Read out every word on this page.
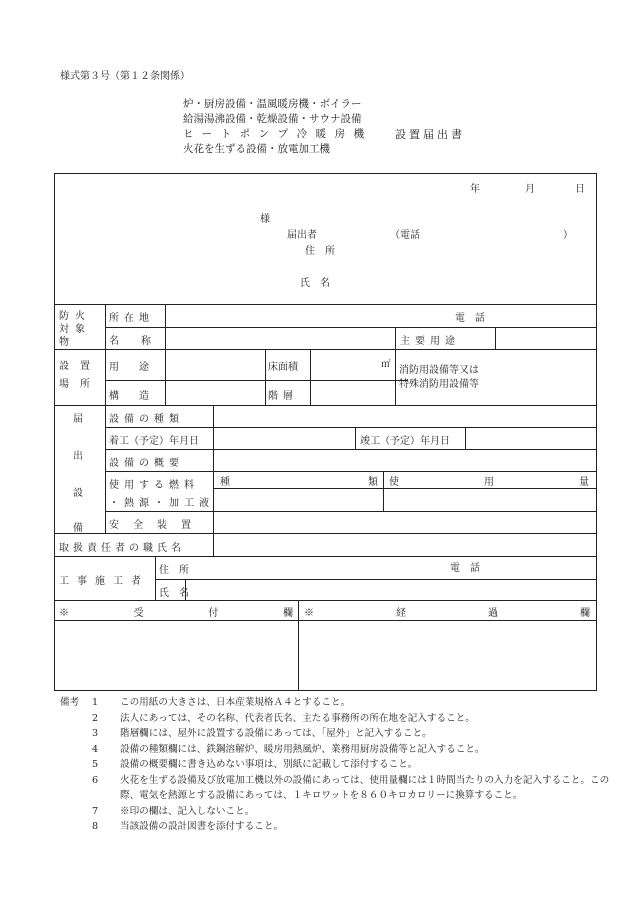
様式第３号（第１２条関係）
炉・厨房設備・温風暖房機・ボイラー
給湯湯沸設備・乾燥設備・サウナ設備
ヒートポンプ冷暖房機
火花を生ずる設備・放電加工機
設置届出書
年	月	日
様
届出者	（電話	）
住所
氏名
防火対象物
所在地	電話
名称	主要用途
設置場所
用途	床面積	㎡
消防用設備等又は
特殊消防用設備等
構造	階層
届
出
設
備
設備の種類
着工（予定）年月日	竣工（予定）年月日
設備の概要
使用する燃料
・熱源・加工液
種類 使用量
安全装置
取扱責任者の職氏名
工事施工者
住所	電話
氏名
※受付欄 ※経過欄
備考 1 この用紙の大きさは、日本産業規格Ａ４とすること。
2 法人にあっては、その名称、代表者氏名、主たる事務所の所在地を記入すること。
3 階層欄には、屋外に設置する設備にあっては、「屋外」と記入すること。
4 設備の種類欄には、鉄鋼溶解炉、暖房用熱風炉、業務用厨房設備等と記入すること。
5 設備の概要欄に書き込めない事項は、別紙に記載して添付すること。
6 火花を生ずる設備及び放電加工機以外の設備にあっては、使用量欄には１時間当たりの入力を記入すること。この際、電気を熱源とする設備にあっては、１キロワットを８６０キロカロリーに換算すること。
7 ※印の欄は、記入しないこと。
8 当該設備の設計図書を添付すること。
